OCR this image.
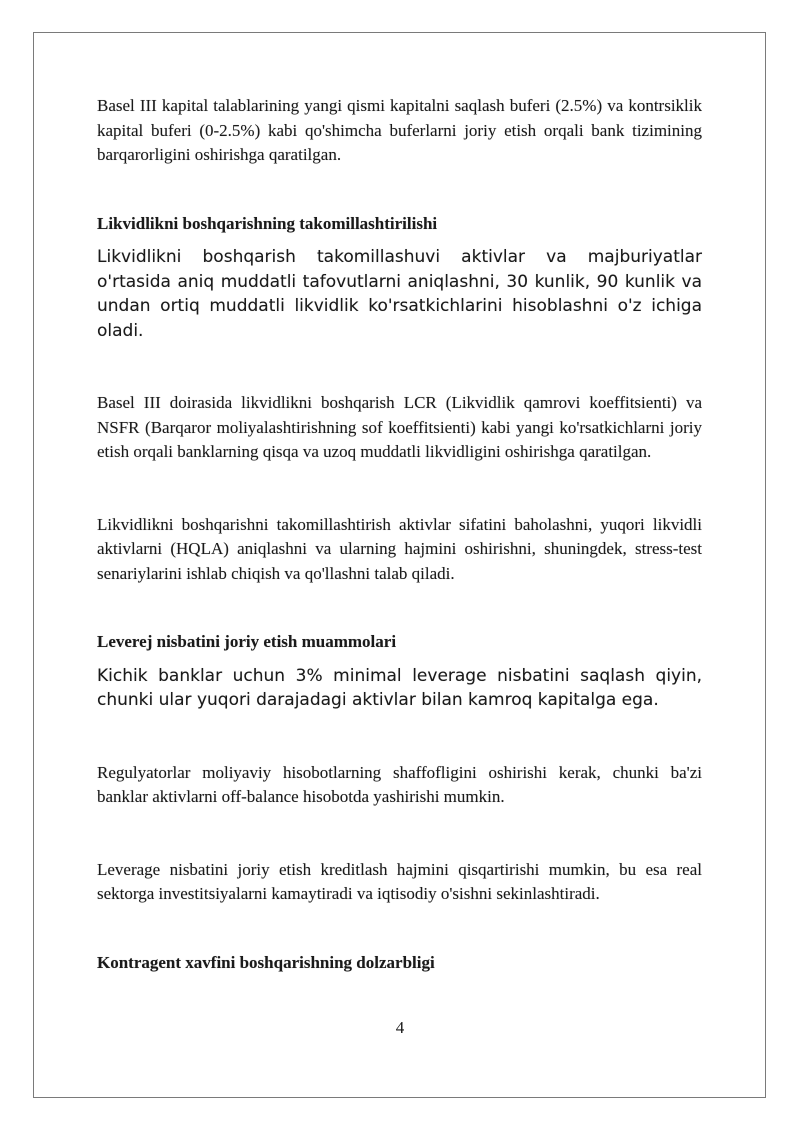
Basel III kapital talablarining yangi qismi kapitalni saqlash buferi (2.5%) va kontrsiklik kapital buferi (0-2.5%) kabi qo'shimcha buferlarni joriy etish orqali bank tizimining barqarorligini oshirishga qaratilgan.

Likvidlikni boshqarishning takomillashtirilishi

Likvidlikni boshqarish takomillashuvi aktivlar va majburiyatlar o'rtasida aniq muddatli tafovutlarni aniqlashni, 30 kunlik, 90 kunlik va undan ortiq muddatli likvidlik ko'rsatkichlarini hisoblashni o'z ichiga oladi.

Basel III doirasida likvidlikni boshqarish LCR (Likvidlik qamrovi koeffitsienti) va NSFR (Barqaror moliyalashtirishning sof koeffitsienti) kabi yangi ko'rsatkichlarni joriy etish orqali banklarning qisqa va uzoq muddatli likvidligini oshirishga qaratilgan.

Likvidlikni boshqarishni takomillashtirish aktivlar sifatini baholashni, yuqori likvidli aktivlarni (HQLA) aniqlashni va ularning hajmini oshirishni, shuningdek, stress-test senariylarini ishlab chiqish va qo'llashni talab qiladi.

Leverej nisbatini joriy etish muammolari

Kichik banklar uchun 3% minimal leverage nisbatini saqlash qiyin, chunki ular yuqori darajadagi aktivlar bilan kamroq kapitalga ega.

Regulyatorlar moliyaviy hisobotlarning shaffofligini oshirishi kerak, chunki ba'zi banklar aktivlarni off-balance hisobotda yashirishi mumkin.

Leverage nisbatini joriy etish kreditlash hajmini qisqartirishi mumkin, bu esa real sektorga investitsiyalarni kamaytiradi va iqtisodiy o'sishni sekinlashtiradi.

Kontragent xavfini boshqarishning dolzarbligi
4
